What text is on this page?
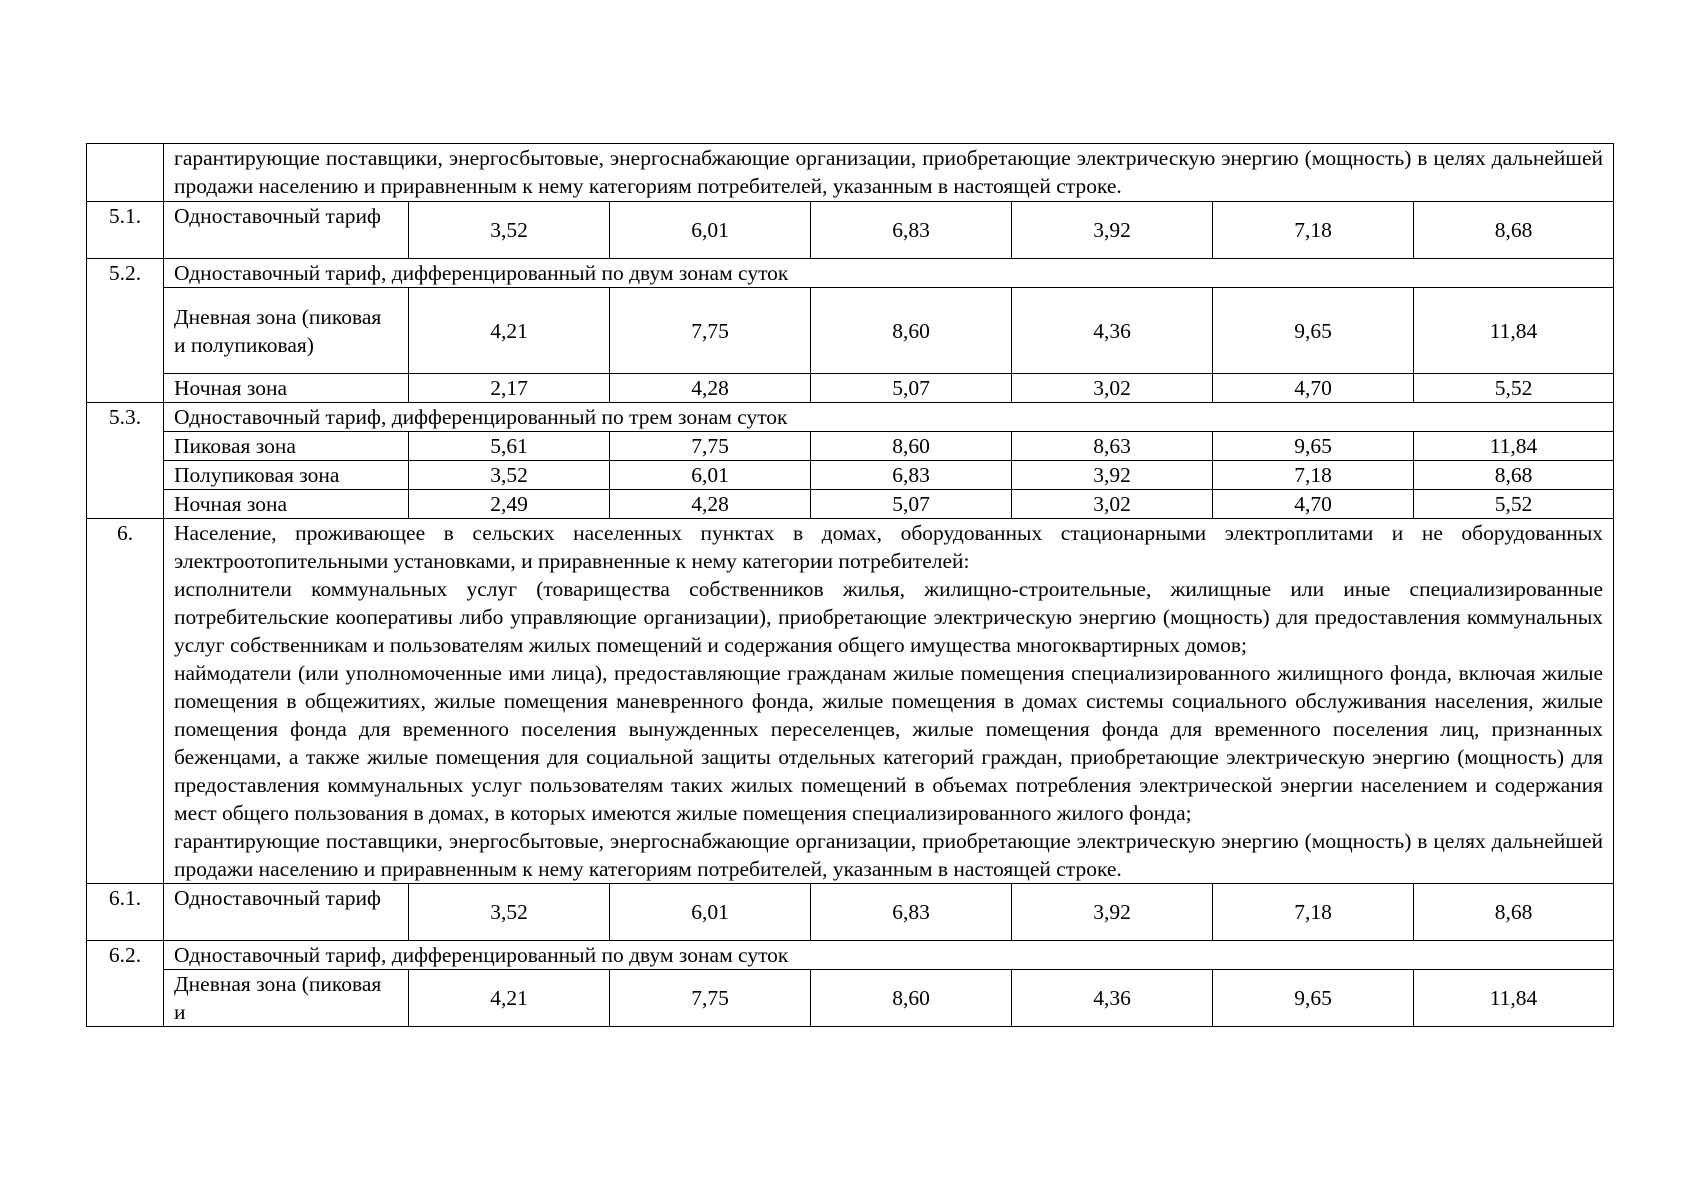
	гарантирующие поставщики, энергосбытовые, энергоснабжающие организации, приобретающие электрическую энергию (мощность) в целях дальнейшей продажи населению и приравненным к нему категориям потребителей, указанным в настоящей строке.						
5.1.	Одноставочный тариф	3,52	6,01	6,83	3,92	7,18	8,68
5.2.	Одноставочный тариф, дифференцированный по двум зонам суток						
	Дневная зона (пиковая и полупиковая)	4,21	7,75	8,60	4,36	9,65	11,84
	Ночная зона	2,17	4,28	5,07	3,02	4,70	5,52
5.3.	Одноставочный тариф, дифференцированный по трем зонам суток						
	Пиковая зона	5,61	7,75	8,60	8,63	9,65	11,84
	Полупиковая зона	3,52	6,01	6,83	3,92	7,18	8,68
	Ночная зона	2,49	4,28	5,07	3,02	4,70	5,52
6.	Население, проживающее в сельских населенных пунктах в домах, оборудованных стационарными электроплитами и не оборудованных электроотопительными установками, и приравненные к нему категории потребителей:
исполнители коммунальных услуг (товарищества собственников жилья, жилищно-строительные, жилищные или иные специализированные потребительские кооперативы либо управляющие организации), приобретающие электрическую энергию (мощность) для предоставления коммунальных услуг собственникам и пользователям жилых помещений и содержания общего имущества многоквартирных домов;
наймодатели (или уполномоченные ими лица), предоставляющие гражданам жилые помещения специализированного жилищного фонда, включая жилые помещения в общежитиях, жилые помещения маневренного фонда, жилые помещения в домах системы социального обслуживания населения, жилые помещения фонда для временного поселения вынужденных переселенцев, жилые помещения фонда для временного поселения лиц, признанных беженцами, а также жилые помещения для социальной защиты отдельных категорий граждан, приобретающие электрическую энергию (мощность) для предоставления коммунальных услуг пользователям таких жилых помещений в объемах потребления электрической энергии населением и содержания мест общего пользования в домах, в которых имеются жилые помещения специализированного жилого фонда;
гарантирующие поставщики, энергосбытовые, энергоснабжающие организации, приобретающие электрическую энергию (мощность) в целях дальнейшей продажи населению и приравненным к нему категориям потребителей, указанным в настоящей строке.						

6.1.	Одноставочный тариф	3,52	6,01	6,83	3,92	7,18	8,68
6.2.	Одноставочный тариф, дифференцированный по двум зонам суток						
	Дневная зона (пиковая и	4,21	7,75	8,60	4,36	9,65	11,84
